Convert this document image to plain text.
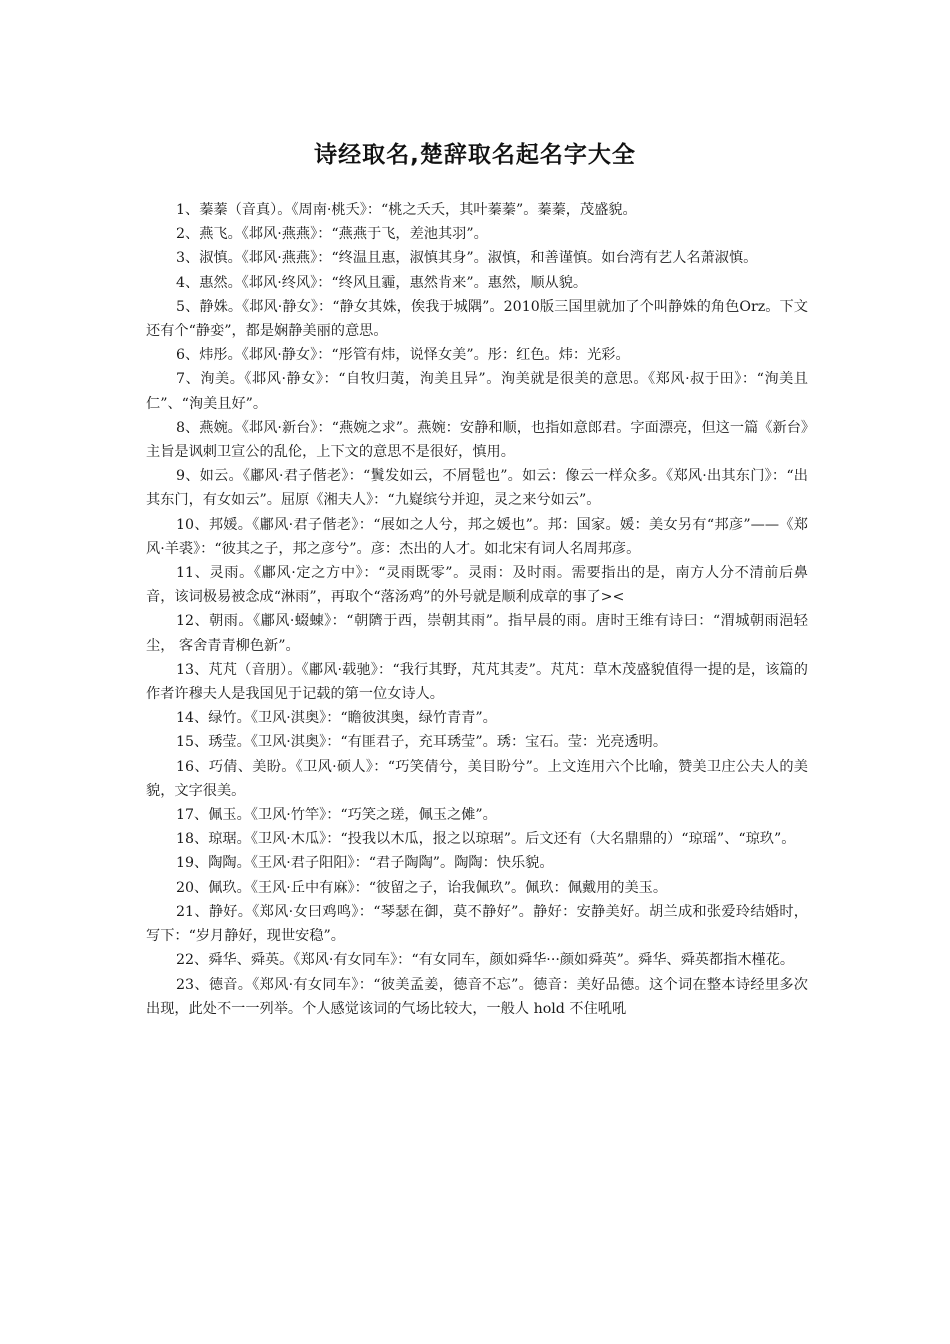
诗经取名,楚辞取名起名字大全

1、蓁蓁（音真）。《周南·桃夭》：“桃之夭夭，其叶蓁蓁”。蓁蓁，茂盛貌。

2、燕飞。《邶风·燕燕》：“燕燕于飞，差池其羽”。

3、淑慎。《邶风·燕燕》：“终温且惠，淑慎其身”。淑慎，和善谨慎。如台湾有艺人名萧淑慎。

4、惠然。《邶风·终风》：“终风且霾，惠然肯来”。惠然，顺从貌。

5、静姝。《邶风·静女》：“静女其姝，俟我于城隅”。2010版三国里就加了个叫静姝的角色Orz。下文还有个“静娈”，都是娴静美丽的意思。

6、炜彤。《邶风·静女》：“彤管有炜，说怿女美”。彤：红色。炜：光彩。

7、洵美。《邶风·静女》：“自牧归荑，洵美且异”。洵美就是很美的意思。《郑风·叔于田》：“洵美且仁”、“洵美且好”。

8、燕婉。《邶风·新台》：“燕婉之求”。燕婉：安静和顺，也指如意郎君。字面漂亮，但这一篇《新台》主旨是讽刺卫宣公的乱伦，上下文的意思不是很好，慎用。

9、如云。《鄘风·君子偕老》：“鬒发如云，不屑髢也”。如云：像云一样众多。《郑风·出其东门》：“出其东门，有女如云”。屈原《湘夫人》：“九嶷缤兮并迎，灵之来兮如云”。

10、邦媛。《鄘风·君子偕老》：“展如之人兮，邦之媛也”。邦：国家。媛：美女另有“邦彦”——《郑风·羊裘》：“彼其之子，邦之彦兮”。彦：杰出的人才。如北宋有词人名周邦彦。

11、灵雨。《鄘风·定之方中》：“灵雨既零”。灵雨：及时雨。需要指出的是，南方人分不清前后鼻音，该词极易被念成“淋雨”，再取个“落汤鸡”的外号就是顺利成章的事了><

12、朝雨。《鄘风·蝃蝀》：“朝隮于西，崇朝其雨”。指早晨的雨。唐时王维有诗曰：“渭城朝雨浥轻尘， 客舍青青柳色新”。

13、芃芃（音朋）。《鄘风·载驰》：“我行其野，芃芃其麦”。芃芃：草木茂盛貌值得一提的是，该篇的作者许穆夫人是我国见于记载的第一位女诗人。

14、绿竹。《卫风·淇奥》：“瞻彼淇奥，绿竹青青”。

15、琇莹。《卫风·淇奥》：“有匪君子，充耳琇莹”。琇：宝石。莹：光亮透明。

16、巧倩、美盼。《卫风·硕人》：“巧笑倩兮，美目盼兮”。上文连用六个比喻，赞美卫庄公夫人的美貌，文字很美。

17、佩玉。《卫风·竹竿》：“巧笑之瑳，佩玉之傩”。

18、琼琚。《卫风·木瓜》：“投我以木瓜，报之以琼琚”。后文还有（大名鼎鼎的）“琼瑶”、“琼玖”。

19、陶陶。《王风·君子阳阳》：“君子陶陶”。陶陶：快乐貌。

20、佩玖。《王风·丘中有麻》：“彼留之子，诒我佩玖”。佩玖：佩戴用的美玉。

21、静好。《郑风·女曰鸡鸣》：“琴瑟在御，莫不静好”。静好：安静美好。胡兰成和张爱玲结婚时，写下：“岁月静好，现世安稳”。

22、舜华、舜英。《郑风·有女同车》：“有女同车，颜如舜华···颜如舜英”。舜华、舜英都指木槿花。

23、德音。《郑风·有女同车》：“彼美孟姜，德音不忘”。德音：美好品德。这个词在整本诗经里多次出现，此处不一一列举。个人感觉该词的气场比较大，一般人 hold 不住吼吼
